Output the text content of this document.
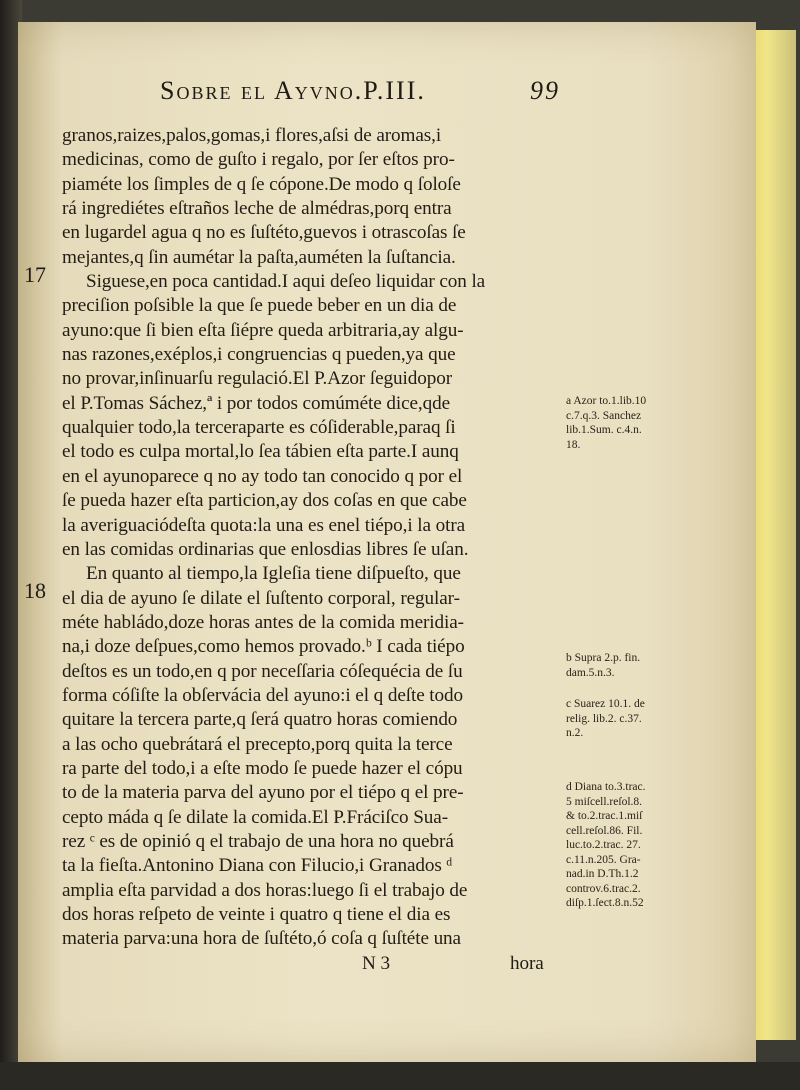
Sobre el Ayvno.P.III.	99
17
18
granos,raizes,palos,gomas,i flores,aſsi de aromas,i
medicinas, como de guſto i regalo, por ſer eſtos pro-
piaméte los ſimples de q ſe cópone.De modo q ſoloſe
rá ingrediétes eſtraños leche de almédras,porq entra
en lugardel agua q no es ſuſtéto,guevos i otrascoſas ſe
mejantes,q ſin aumétar la paſta,auméten la ſuſtancia.
Siguese,en poca cantidad.I aqui deſeo liquidar con la
preciſion poſsible la que ſe puede beber en un dia de
ayuno:que ſi bien eſta ſiépre queda arbitraria,ay algu-
nas razones,exéplos,i congruencias q pueden,ya que
no provar,inſinuarſu regulació.El P.Azor ſeguidopor
el P.Tomas Sáchez,ª i por todos comúméte dice,qde
qualquier todo,la terceraparte es cóſiderable,paraq ſi
el todo es culpa mortal,lo ſea tábien eſta parte.I aunq
en el ayunoparece q no ay todo tan conocido q por el
ſe pueda hazer eſta particion,ay dos coſas en que cabe
la averiguaciódeſta quota:la una es enel tiépo,i la otra
en las comidas ordinarias que enlosdias libres ſe uſan.
En quanto al tiempo,la Igleſia tiene diſpueſto, que
el dia de ayuno ſe dilate el ſuſtento corporal, regular-
méte habládo,doze horas antes de la comida meridia-
na,i doze deſpues,como hemos provado.ᵇ I cada tiépo
deſtos es un todo,en q por neceſſaria cóſequécia de ſu
forma cóſiſte la obſervácia del ayuno:i el q deſte todo
quitare la tercera parte,q ſerá quatro horas comiendo
a las ocho quebrátará el precepto,porq quita la terce
ra parte del todo,i a eſte modo ſe puede hazer el cópu
to de la materia parva del ayuno por el tiépo q el pre-
cepto máda q ſe dilate la comida.El P.Fráciſco Sua-
rez ᶜ es de opinió q el trabajo de una hora no quebrá
ta la fieſta.Antonino Diana con Filucio,i Granados ᵈ
amplia eſta parvidad a dos horas:luego ſi el trabajo de
dos horas reſpeto de veinte i quatro q tiene el dia es
materia parva:una hora de ſuſtéto,ó coſa q ſuſtéte una
N 3	hora
a Azor to.1.lib.10
c.7.q.3. Sanchez
lib.1.Sum. c.4.n.
18.
b Supra 2.p. fin.
dam.5.n.3.
c Suarez 10.1. de
relig. lib.2. c.37.
n.2.
d Diana to.3.trac.
5 miſcell.reſol.8.
& to.2.trac.1.miſ
cell.reſol.86. Fil.
luc.to.2.trac. 27.
c.11.n.205. Gra-
nad.in D.Th.1.2
controv.6.trac.2.
diſp.1.ſect.8.n.52
